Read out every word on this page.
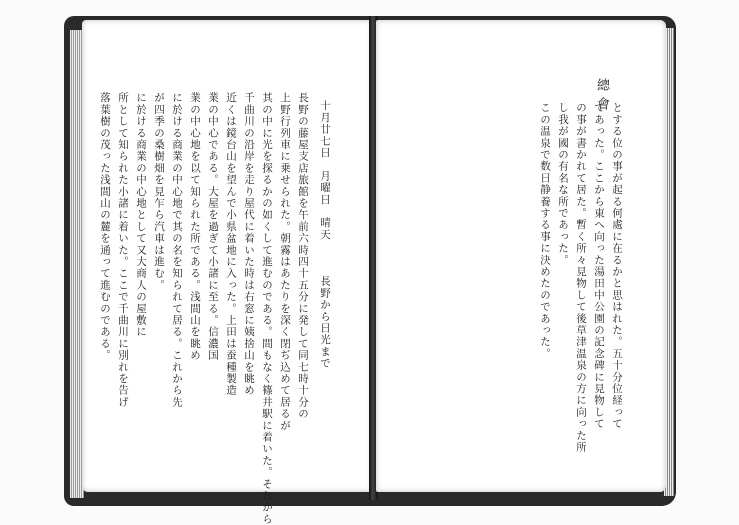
十月廿七日　月曜日　晴天　　　長野から日光まで
長野の藤屋支店旅館を午前六時四十五分に発して同七時十分の
上野行列車に乗せられた。朝霧はあたりを深く閉ぢ込めて居るが
其の中に光を探るかの如くして進むのである。間もなく篠井駅に着いた。それから
千曲川の沿岸を走り屋代に着いた時は右窓に姨捨山を眺め
近くは鏡台山を望んで小県盆地に入った。上田は蚕種製造
業の中心である。大屋を過ぎて小諸に至る。信濃国
業の中心地を以て知られた所である。浅間山を眺め
に於ける商業の中心地で其の名を知られて居る。これから先
が四季の桑樹畑を見乍ら汽車は進む。
に於ける商業の中心地として又大商人の屋敷に
所として知られた小諸に着いた。ここで千曲川に別れを告げ
落葉樹の茂った浅間山の麓を通って進むのである。	とする位の事が起る何處に在るかと思はれた。五十分位経って
てあった。ここから東へ向った湯田中公園の記念碑に見物して
の事が書かれて居た。暫く所々見物して後草津温泉の方に向った所
し我が國の有名な所であった。
この温泉で数日静養する事に決めたのであった。
總會
